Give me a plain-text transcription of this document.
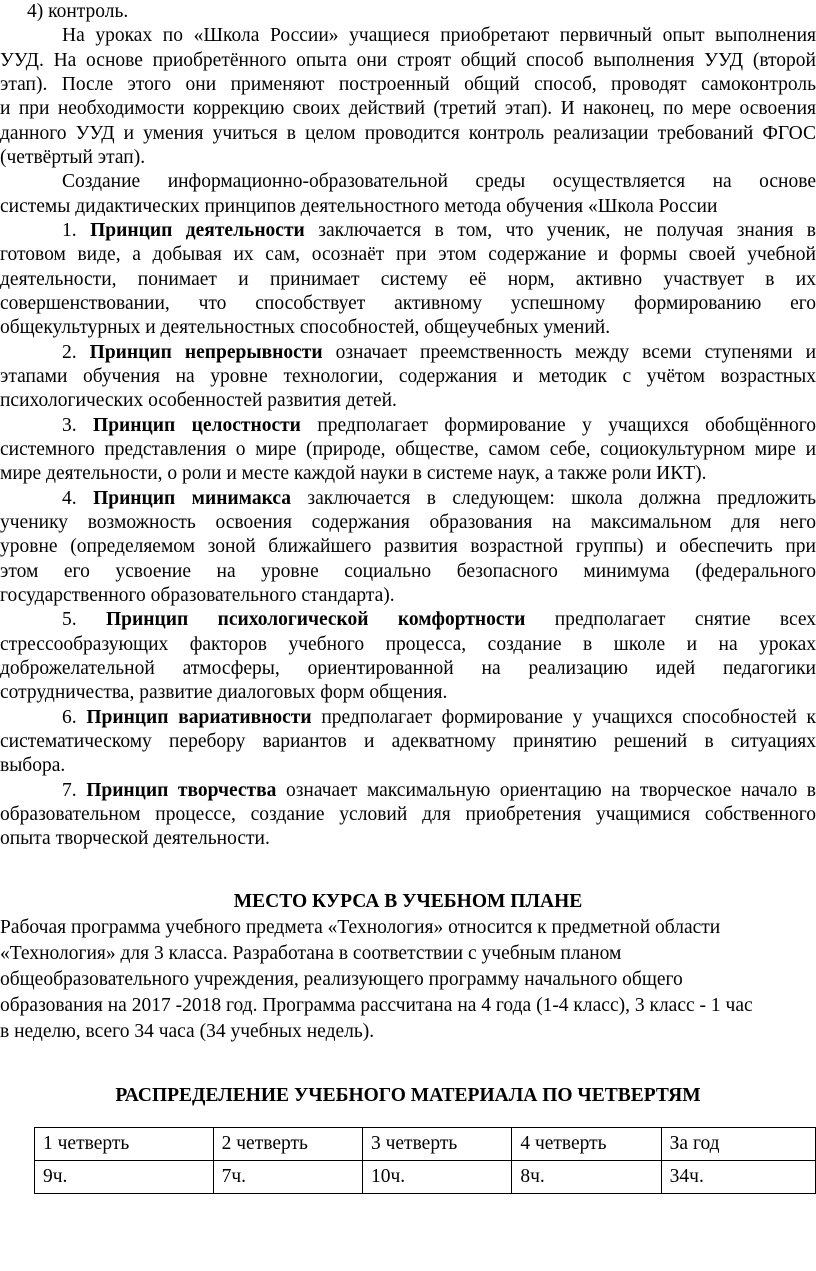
4) контроль.
На уроках по «Школа России» учащиеся приобретают первичный опыт выполнения
УУД. На основе приобретённого опыта они строят общий способ выполнения УУД (второй
этап). После этого они применяют построенный общий способ, проводят самоконтроль
и при необходимости коррекцию своих действий (третий этап). И наконец, по мере освоения
данного УУД и умения учиться в целом проводится контроль реализации требований ФГОС
(четвёртый этап).
Создание информационно-образовательной среды осуществляется на основе
системы дидактических принципов деятельностного метода обучения «Школа России
1. Принцип деятельности заключается в том, что ученик, не получая знания в
готовом виде, а добывая их сам, осознаёт при этом содержание и формы своей учебной
деятельности, понимает и принимает систему её норм, активно участвует в их
совершенствовании, что способствует активному успешному формированию его
общекультурных и деятельностных способностей, общеучебных умений.
2. Принцип непрерывности означает преемственность между всеми ступенями и
этапами обучения на уровне технологии, содержания и методик с учётом возрастных
психологических особенностей развития детей.
3. Принцип целостности предполагает формирование у учащихся обобщённого
системного представления о мире (природе, обществе, самом себе, социокультурном мире и
мире деятельности, о роли и месте каждой науки в системе наук, а также роли ИКТ).
4. Принцип минимакса заключается в следующем: школа должна предложить
ученику возможность освоения содержания образования на максимальном для него
уровне (определяемом зоной ближайшего развития возрастной группы) и обеспечить при
этом его усвоение на уровне социально безопасного минимума (федерального
государственного образовательного стандарта).
5. Принцип психологической комфортности предполагает снятие всех
стрессообразующих факторов учебного процесса, создание в школе и на уроках
доброжелательной атмосферы, ориентированной на реализацию идей педагогики
сотрудничества, развитие диалоговых форм общения.
6. Принцип вариативности предполагает формирование у учащихся способностей к
систематическому перебору вариантов и адекватному принятию решений в ситуациях
выбора.
7. Принцип творчества означает максимальную ориентацию на творческое начало в
образовательном процессе, создание условий для приобретения учащимися собственного
опыта творческой деятельности.
МЕСТО КУРСА В УЧЕБНОМ ПЛАНЕ
Рабочая программа учебного предмета «Технология» относится к предметной области
«Технология» для 3 класса. Разработана в соответствии с учебным планом
общеобразовательного учреждения, реализующего программу начального общего
образования на 2017 -2018 год. Программа рассчитана на 4 года (1-4 класс), 3 класс - 1 час
в неделю, всего 34 часа (34 учебных недель).
РАСПРЕДЕЛЕНИЕ УЧЕБНОГО МАТЕРИАЛА ПО ЧЕТВЕРТЯМ
1 четверть	2 четверть	3 четверть	4 четверть	За год
9ч.	7ч.	10ч.	8ч.	34ч.
